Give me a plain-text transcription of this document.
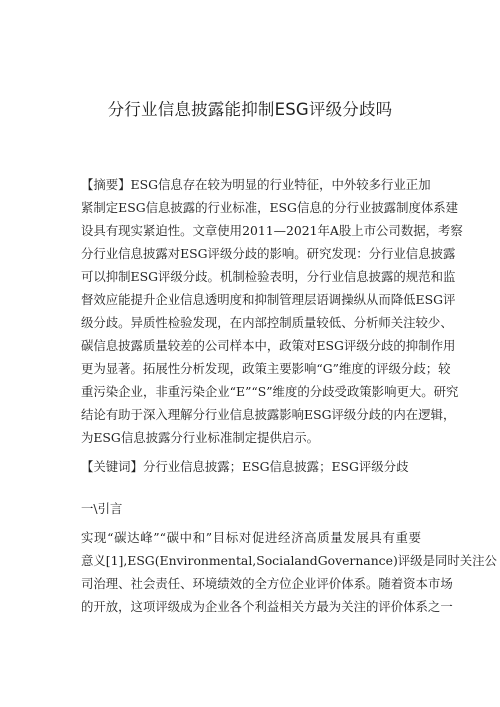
分行业信息披露能抑制ESG评级分歧吗
【摘要】ESG信息存在较为明显的行业特征，中外较多行业正加
紧制定ESG信息披露的行业标准，ESG信息的分行业披露制度体系建
设具有现实紧迫性。文章使用2011—2021年A股上市公司数据，考察
分行业信息披露对ESG评级分歧的影响。研究发现：分行业信息披露
可以抑制ESG评级分歧。机制检验表明，分行业信息披露的规范和监
督效应能提升企业信息透明度和抑制管理层语调操纵从而降低ESG评
级分歧。异质性检验发现，在内部控制质量较低、分析师关注较少、
碳信息披露质量较差的公司样本中，政策对ESG评级分歧的抑制作用
更为显著。拓展性分析发现，政策主要影响“G”维度的评级分歧；较
重污染企业，非重污染企业“E”“S”维度的分歧受政策影响更大。研究
结论有助于深入理解分行业信息披露影响ESG评级分歧的内在逻辑，
为ESG信息披露分行业标准制定提供启示。
【关键词】分行业信息披露；ESG信息披露；ESG评级分歧
一\引言
实现“碳达峰”“碳中和”目标对促进经济高质量发展具有重要
意义[1],ESG(Environmental,SocialandGovernance)评级是同时关注公
司治理、社会责任、环境绩效的全方位企业评价体系。随着资本市场
的开放，这项评级成为企业各个利益相关方最为关注的评价体系之一
